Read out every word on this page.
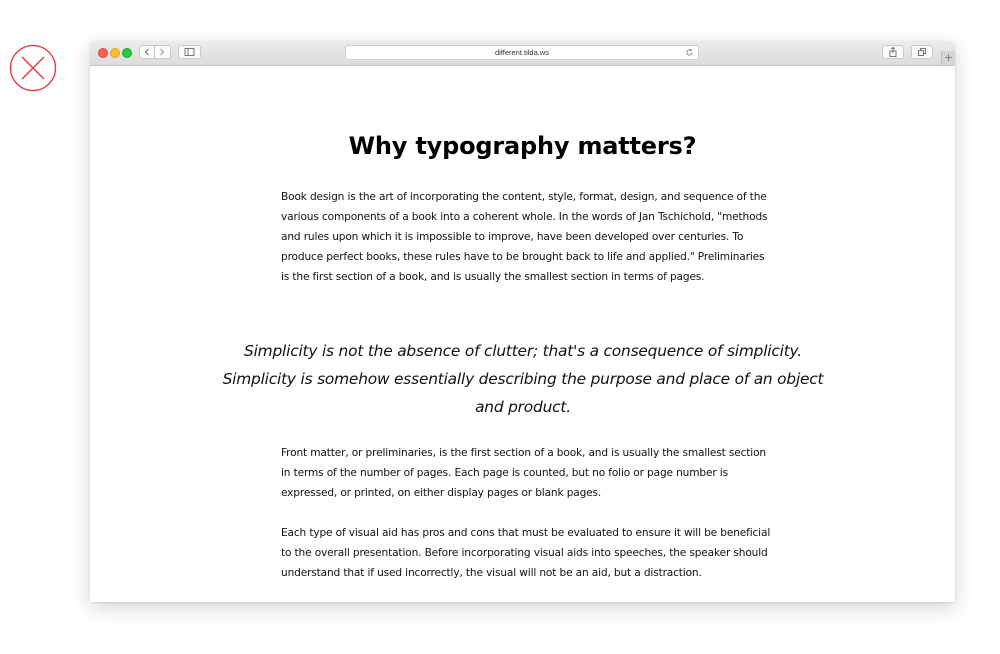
different.tilda.ws	+
Why typography matters?

Book design is the art of incorporating the content, style, format, design, and sequence of the various components of a book into a coherent whole. In the words of Jan Tschichold, "methods and rules upon which it is impossible to improve, have been developed over centuries. To produce perfect books, these rules have to be brought back to life and applied." Preliminaries is the first section of a book, and is usually the smallest section in terms of pages.

Simplicity is not the absence of clutter; that's a consequence of simplicity. Simplicity is somehow essentially describing the purpose and place of an object and product.

Front matter, or preliminaries, is the first section of a book, and is usually the smallest section in terms of the number of pages. Each page is counted, but no folio or page number is expressed, or printed, on either display pages or blank pages.

Each type of visual aid has pros and cons that must be evaluated to ensure it will be beneficial to the overall presentation. Before incorporating visual aids into speeches, the speaker should understand that if used incorrectly, the visual will not be an aid, but a distraction.
